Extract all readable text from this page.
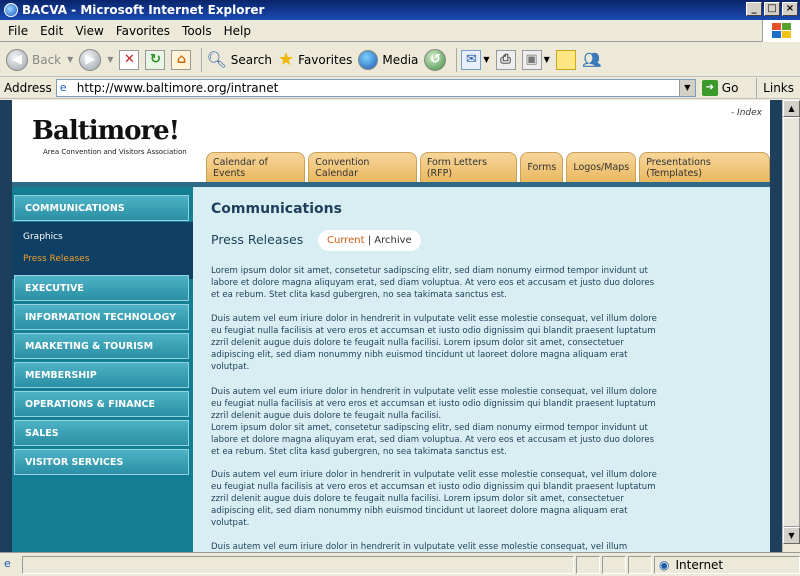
BACVA - Microsoft Internet Explorer	_	□ ×
File	Edit	View	Favorites	Tools	Help
◀ Back ▼ ▶	▼ ✕	↻	⌂	🔍︎ Search ★ Favorites	Media ↺	✉ ▼ ⎙	▣ ▼ 👥︎
Address e http://www.baltimore.org/intranet	▼	➜ Go Links
Baltimore!
Area Convention and Visitors Association
- Index
Calendar of Events
Convention Calendar
Form Letters (RFP)	Forms	Logos/Maps	Presentations (Templates)
COMMUNICATIONS
Graphics
Press Releases
EXECUTIVE
INFORMATION TECHNOLOGY
MARKETING & TOURISM
MEMBERSHIP
OPERATIONS & FINANCE
SALES
VISITOR SERVICES
Communications
Press Releases Current | Archive
Lorem ipsum dolor sit amet, consetetur sadipscing elitr, sed diam nonumy eirmod tempor invidunt ut labore et dolore magna aliquyam erat, sed diam voluptua. At vero eos et accusam et justo duo dolores et ea rebum. Stet clita kasd gubergren, no sea takimata sanctus est.
Duis autem vel eum iriure dolor in hendrerit in vulputate velit esse molestie consequat, vel illum dolore eu feugiat nulla facilisis at vero eros et accumsan et iusto odio dignissim qui blandit praesent luptatum zzril delenit augue duis dolore te feugait nulla facilisi. Lorem ipsum dolor sit amet, consectetuer adipiscing elit, sed diam nonummy nibh euismod tincidunt ut laoreet dolore magna aliquam erat volutpat.
Duis autem vel eum iriure dolor in hendrerit in vulputate velit esse molestie consequat, vel illum dolore eu feugiat nulla facilisis at vero eros et accumsan et iusto odio dignissim qui blandit praesent luptatum zzril delenit augue duis dolore te feugait nulla facilisi.
Lorem ipsum dolor sit amet, consetetur sadipscing elitr, sed diam nonumy eirmod tempor invidunt ut labore et dolore magna aliquyam erat, sed diam voluptua. At vero eos et accusam et justo duo dolores et ea rebum. Stet clita kasd gubergren, no sea takimata sanctus est.
Duis autem vel eum iriure dolor in hendrerit in vulputate velit esse molestie consequat, vel illum dolore eu feugiat nulla facilisis at vero eros et accumsan et iusto odio dignissim qui blandit praesent luptatum zzril delenit augue duis dolore te feugait nulla facilisi. Lorem ipsum dolor sit amet, consectetuer adipiscing elit, sed diam nonummy nibh euismod tincidunt ut laoreet dolore magna aliquam erat volutpat.
Duis autem vel eum iriure dolor in hendrerit in vulputate velit esse molestie consequat, vel illum
▲
▼
e	◉ Internet
